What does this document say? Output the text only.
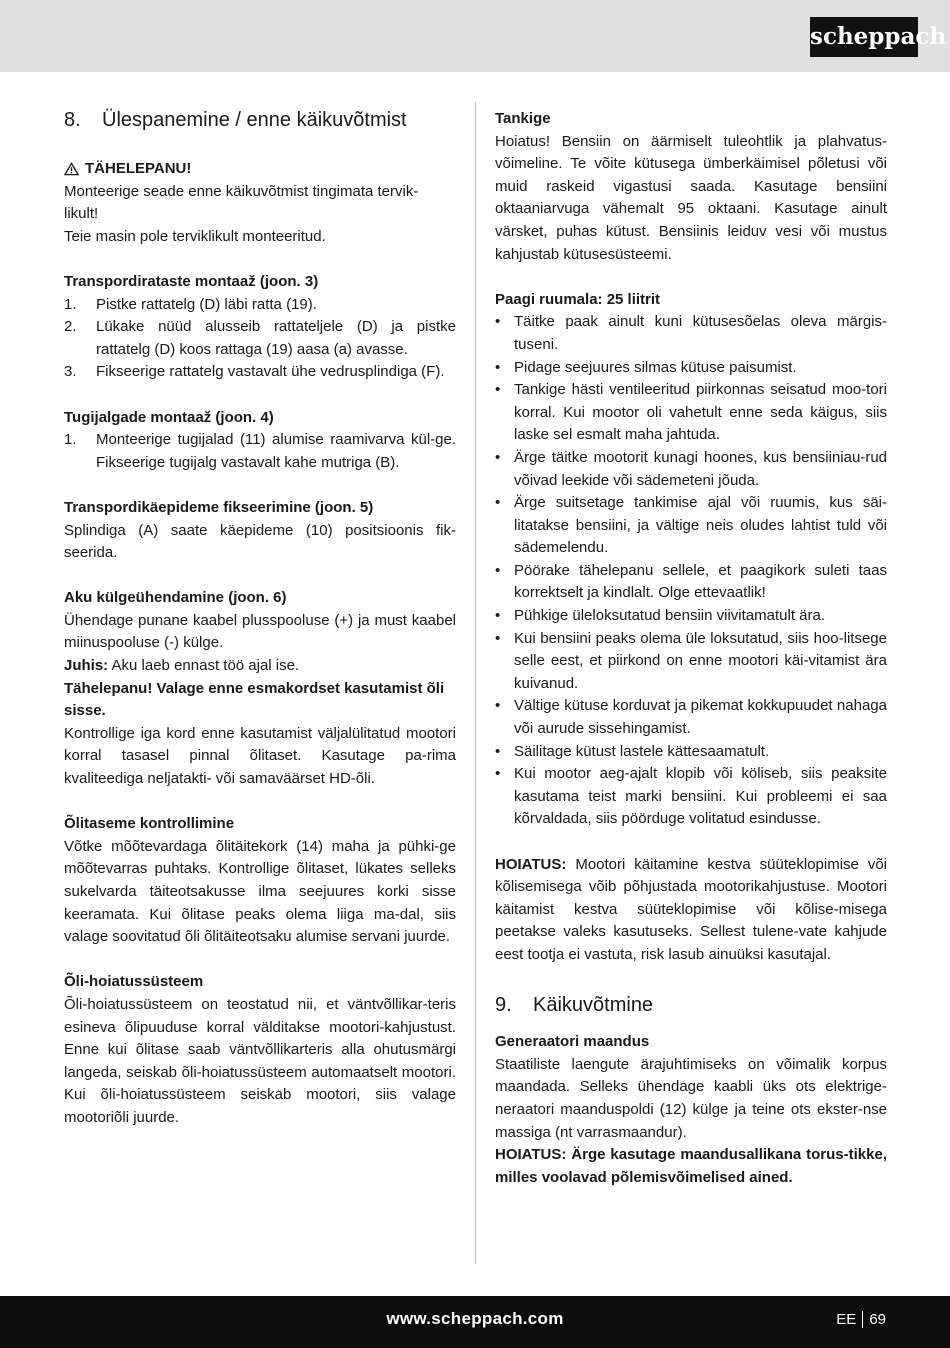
scheppach
8.	Ülespanemine / enne käikuvõtmist
TÄHELEPANU!
Monteerige seade enne käikuvõtmist tingimata tervik-
likult!
Teie masin pole terviklikult monteeritud.
Transpordirataste montaaž (joon. 3)
1.	Pistke rattatelg (D) läbi ratta (19).
2.	Lükake nüüd alusseib rattateljele (D) ja pistke rattatelg (D) koos rattaga (19) aasa (a) avasse.
3.	Fikseerige rattatelg vastavalt ühe vedrusplindiga (F).
Tugijalgade montaaž (joon. 4)
1.	Monteerige tugijalad (11) alumise raamivarva kül-ge. Fikseerige tugijalg vastavalt kahe mutriga (B).
Transpordikäepideme fikseerimine (joon. 5)
Splindiga (A) saate käepideme (10) positsioonis fik-seerida.
Aku külgeühendamine (joon. 6)
Ühendage punane kaabel plusspooluse (+) ja must kaabel miinuspooluse (-) külge.
Juhis: Aku laeb ennast töö ajal ise.
Tähelepanu! Valage enne esmakordset kasutamist õli sisse.
Kontrollige iga kord enne kasutamist väljalülitatud mootori korral tasasel pinnal õlitaset. Kasutage pa-rima kvaliteediga neljatakti- või samaväärset HD-õli.
Õlitaseme kontrollimine
Võtke mõõtevardaga õlitäitekork (14) maha ja pühki-ge mõõtevarras puhtaks. Kontrollige õlitaset, lükates selleks sukelvarda täiteotsakusse ilma seejuures korki sisse keeramata. Kui õlitase peaks olema liiga ma-dal, siis valage soovitatud õli õlitäiteotsaku alumise servani juurde.
Õli-hoiatussüsteem
Õli-hoiatussüsteem on teostatud nii, et väntvõllikar-teris esineva õlipuuduse korral välditakse mootori-kahjustust. Enne kui õlitase saab väntvõllikarteris alla ohutusmärgi langeda, seiskab õli-hoiatussüsteem automaatselt mootori. Kui õli-hoiatussüsteem seiskab mootori, siis valage mootoriõli juurde.
Tankige
Hoiatus! Bensiin on äärmiselt tuleohtlik ja plahvatus-võimeline. Te võite kütusega ümberkäimisel põletusi või muid raskeid vigastusi saada. Kasutage bensiini oktaaniarvuga vähemalt 95 oktaani. Kasutage ainult värsket, puhas kütust. Bensiinis leiduv vesi või mustus kahjustab kütusesüsteemi.
Paagi ruumala: 25 liitrit
• Täitke paak ainult kuni kütusesõelas oleva märgis-tuseni.
• Pidage seejuures silmas kütuse paisumist.
• Tankige hästi ventileeritud piirkonnas seisatud moo-tori korral. Kui mootor oli vahetult enne seda käigus, siis laske sel esmalt maha jahtuda.
• Ärge täitke mootorit kunagi hoones, kus bensiiniau-rud võivad leekide või sädemeteni jõuda.
• Ärge suitsetage tankimise ajal või ruumis, kus säi-litatakse bensiini, ja vältige neis oludes lahtist tuld või sädemelendu.
• Pöörake tähelepanu sellele, et paagikork suleti taas korrektselt ja kindlalt. Olge ettevaatlik!
• Pühkige üleloksutatud bensiin viivitamatult ära.
• Kui bensiini peaks olema üle loksutatud, siis hoo-litsege selle eest, et piirkond on enne mootori käi-vitamist ära kuivanud.
• Vältige kütuse korduvat ja pikemat kokkupuudet nahaga või aurude sissehingamist.
• Säilitage kütust lastele kättesaamatult.
• Kui mootor aeg-ajalt klopib või köliseb, siis peaksite kasutama teist marki bensiini. Kui probleemi ei saa kõrvaldada, siis pöörduge volitatud esindusse.
HOIATUS: Mootori käitamine kestva süüteklopimise või kõlisemisega võib põhjustada mootorikahjustuse. Mootori käitamist kestva süüteklopimise või kõlise-misega peetakse valeks kasutuseks. Sellest tulene-vate kahjude eest tootja ei vastuta, risk lasub ainuüksi kasutajal.
9.	Käikuvõtmine
Generaatori maandus
Staatiliste laengute ärajuhtimiseks on võimalik korpus maandada. Selleks ühendage kaabli üks ots elektrige-neraatori maanduspoldi (12) külge ja teine ots ekster-nse massiga (nt varrasmaandur).
HOIATUS: Ärge kasutage maandusallikana torus-tikke, milles voolavad põlemisvõimelised ained.
www.scheppach.com	EE 69
